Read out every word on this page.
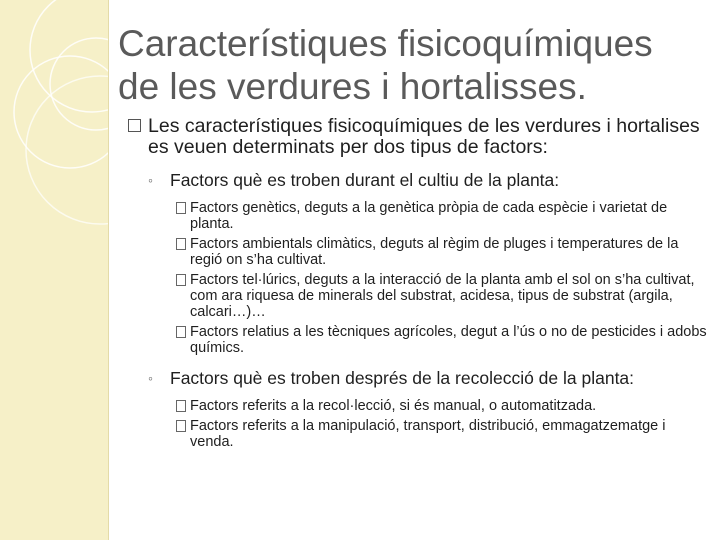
Característiques fisicoquímiques
de les verdures i hortalisses.
Les característiques fisicoquímiques de les verdures i hortalises es veuen determinats per dos tipus de factors:
◦ Factors què es troben durant el cultiu de la planta:
Factors genètics, deguts a la genètica pròpia de cada espècie i varietat de planta.
Factors ambientals climàtics, deguts al règim de pluges i temperatures de la regió on s’ha cultivat.
Factors tel·lúrics, deguts a la interacció de la planta amb el sol on s’ha cultivat, com ara riquesa de minerals del substrat, acidesa, tipus de substrat (argila, calcari…)…
Factors relatius a les tècniques agrícoles, degut a l’ús o no de pesticides i adobs químics.
◦ Factors què es troben després de la recolecció de la planta:
Factors referits a la recol·lecció, si és manual, o automatitzada.
Factors referits a la manipulació, transport, distribució, emmagatzematge i venda.
